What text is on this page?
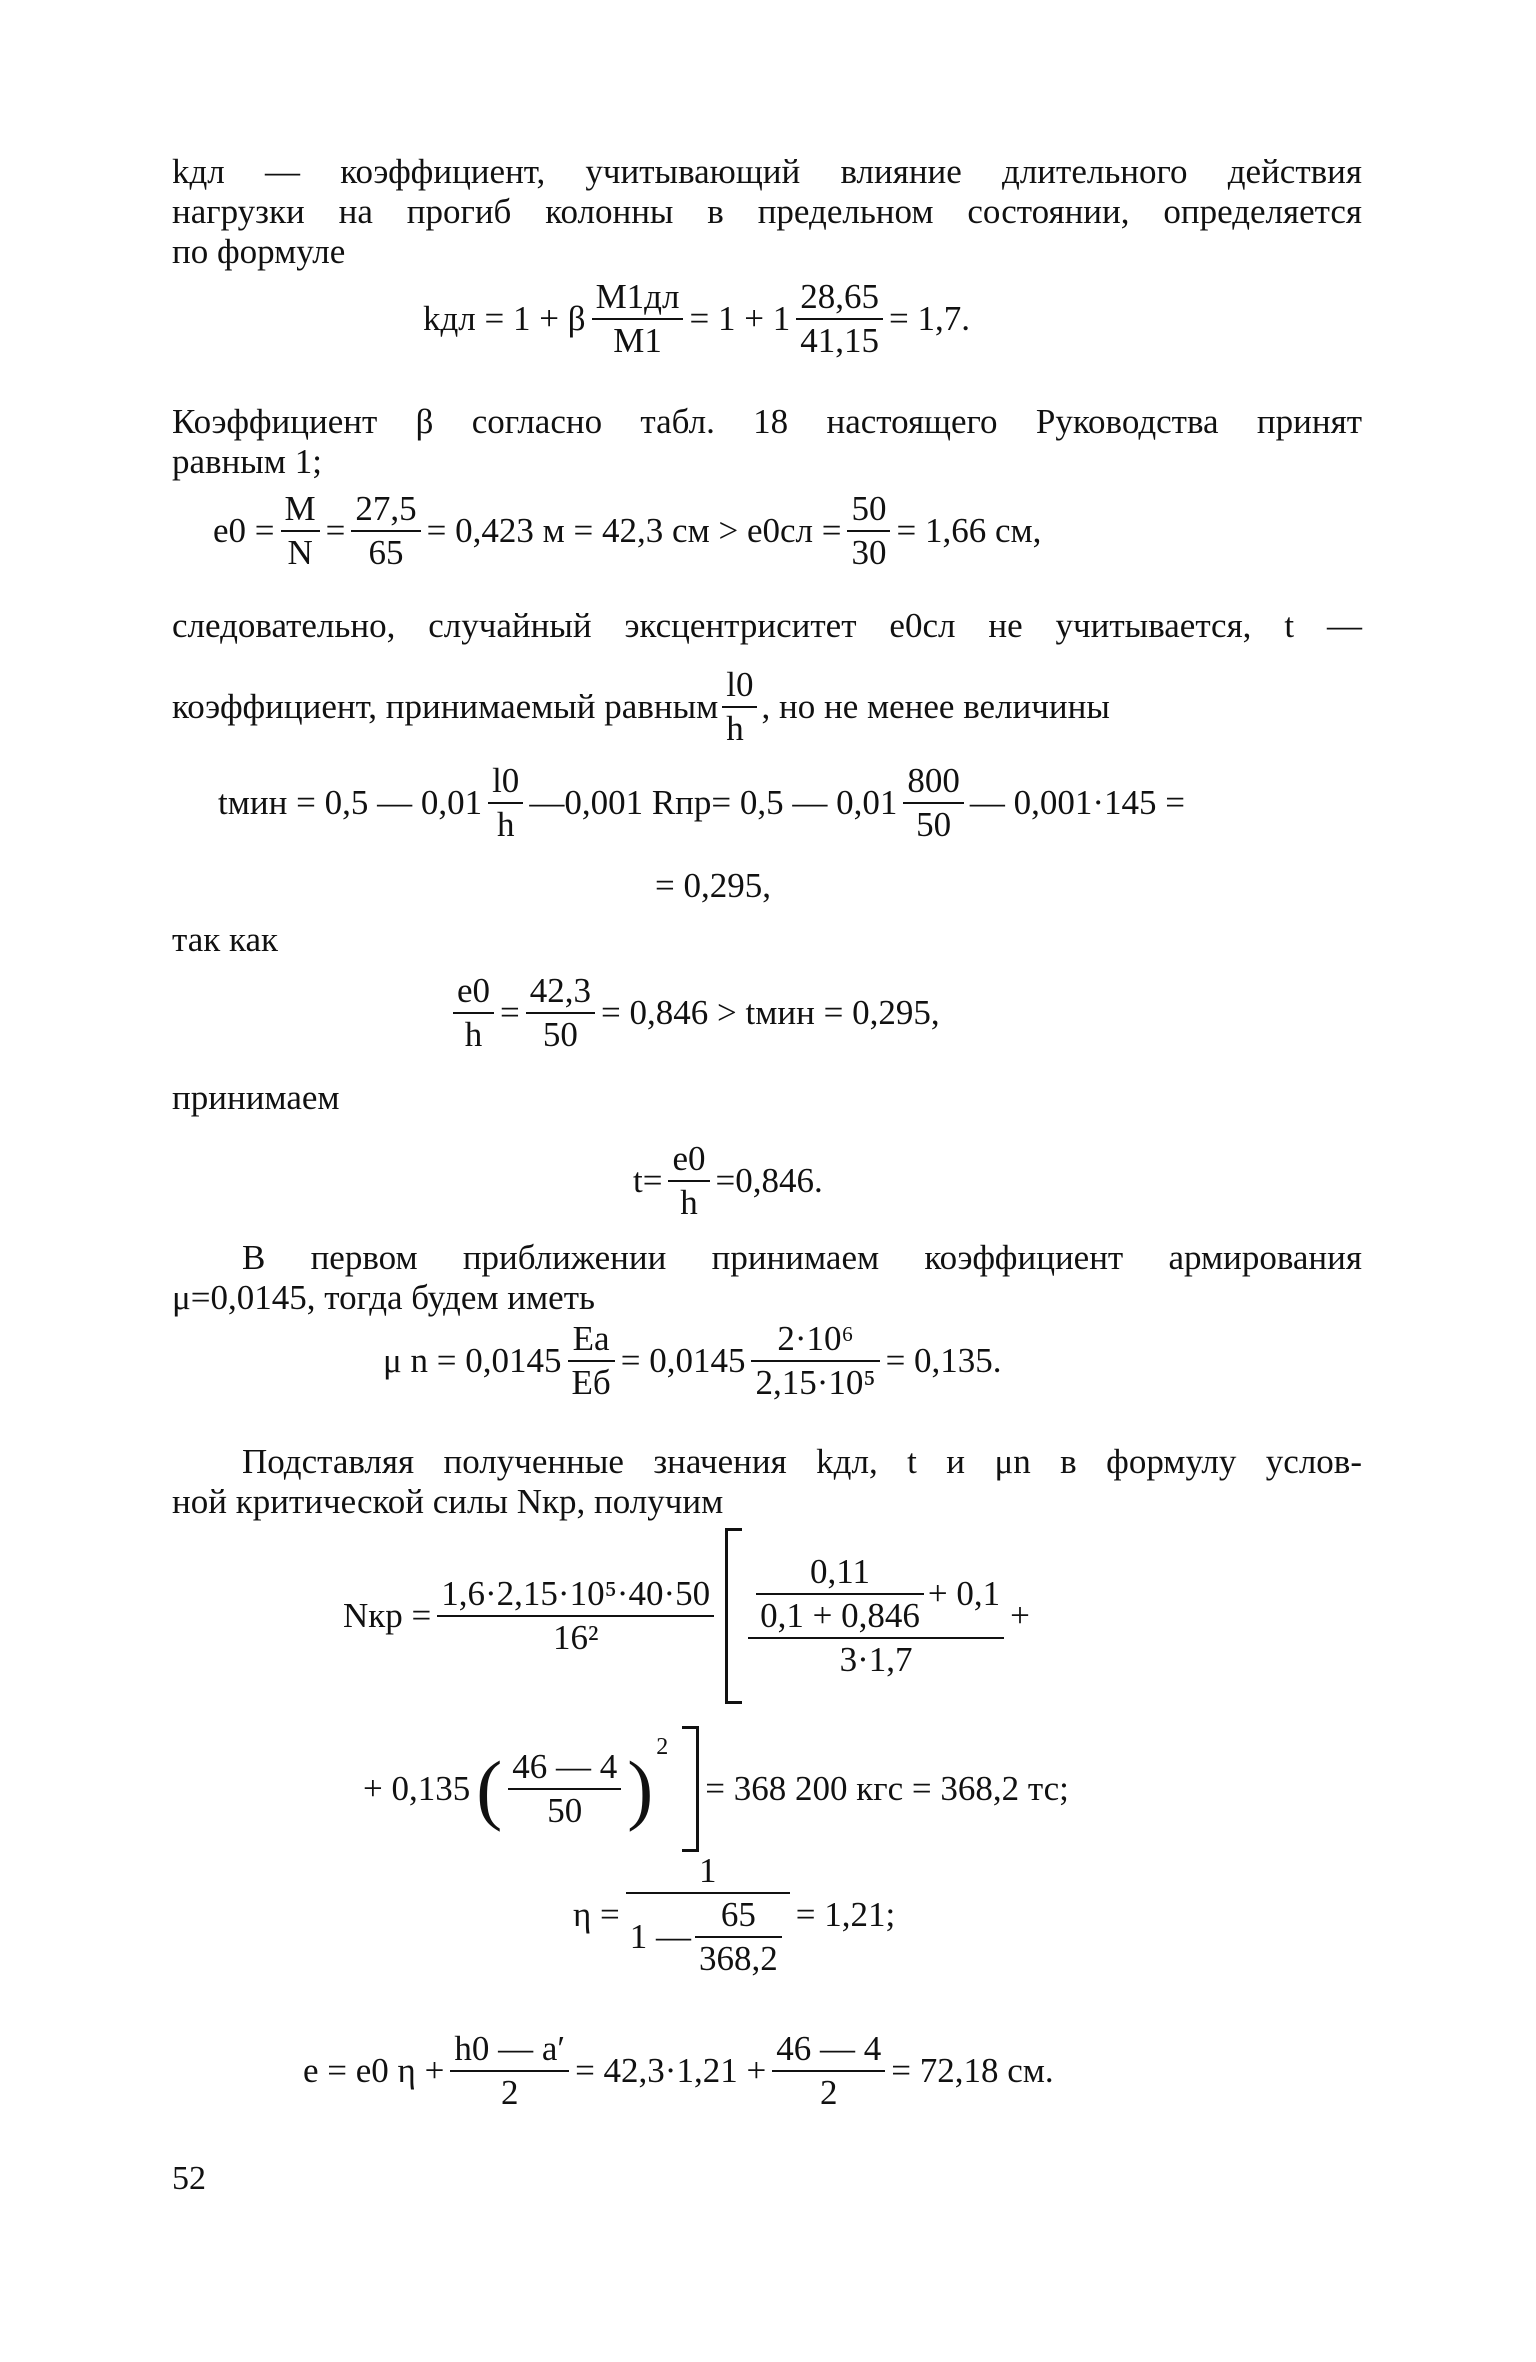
kдл — коэффициент, учитывающий влияние длительного действия
нагрузки на прогиб колонны в предельном состоянии, определяется
по формуле
kдл = 1 + β
M1дл
M1
= $1 + 1 \frac{28,65}{41,15} = 1,7$.
Коэффициент β согласно табл. 18 настоящего Руководства принят
равным 1;
$e0 = \frac{M}{N} = \frac{27,5}{65} = 0,423$ м = 42,3 см > $e0сл = \frac{50}{30} = 1,66$ см,
следовательно, случайный эксцентриситет e0сл не учитывается, t —
коэффициент, принимаемый равным $\frac{l0}{h}$ , но не менее величины
tмин = 0,5 — $0,01 \frac{l0}{h}$ —0,001 Rпр= 0,5 — $0,01 \frac{800}{50}$ — 0,001·145 =
= 0,295,
так как
$\frac{e0}{h} = \frac{42,3}{50} = 0,846$ > tмин = 0,295,
принимаем
$t= \frac{e0}{h} =0,846$.
В первом приближении принимаем коэффициент армирования
μ=0,0145, тогда будем иметь
μ n = 0,0145
Eа
Eб
= $0,0145 \frac{\text{2·10⁶}}{\text{2,15·10⁵}} = 0,135$.
Подставляя полученные значения kдл, t и μn в формулу услов-
ной критической силы Nкр, получим
Nкр = $\frac{\text{1,6·2,15·10⁵·40·50}}{\text{16²}} \frac{\frac{0,11}{0,1 + 0,846} + 0,1}{3\cdot 1,7}$ +
+ 0,135 ( $\frac{46 — 4}{50} )^2$
= 368 200 кгс = 368,2 тс;
$\eta = \frac{1}{1 — \frac{65}{368,2}} = 1,21$;
e = e0 $\eta + \frac{h0 — a'}{2} = 42,3\cdot 1,21 + \frac{46 — 4}{2} = 72,18$ см.
52
